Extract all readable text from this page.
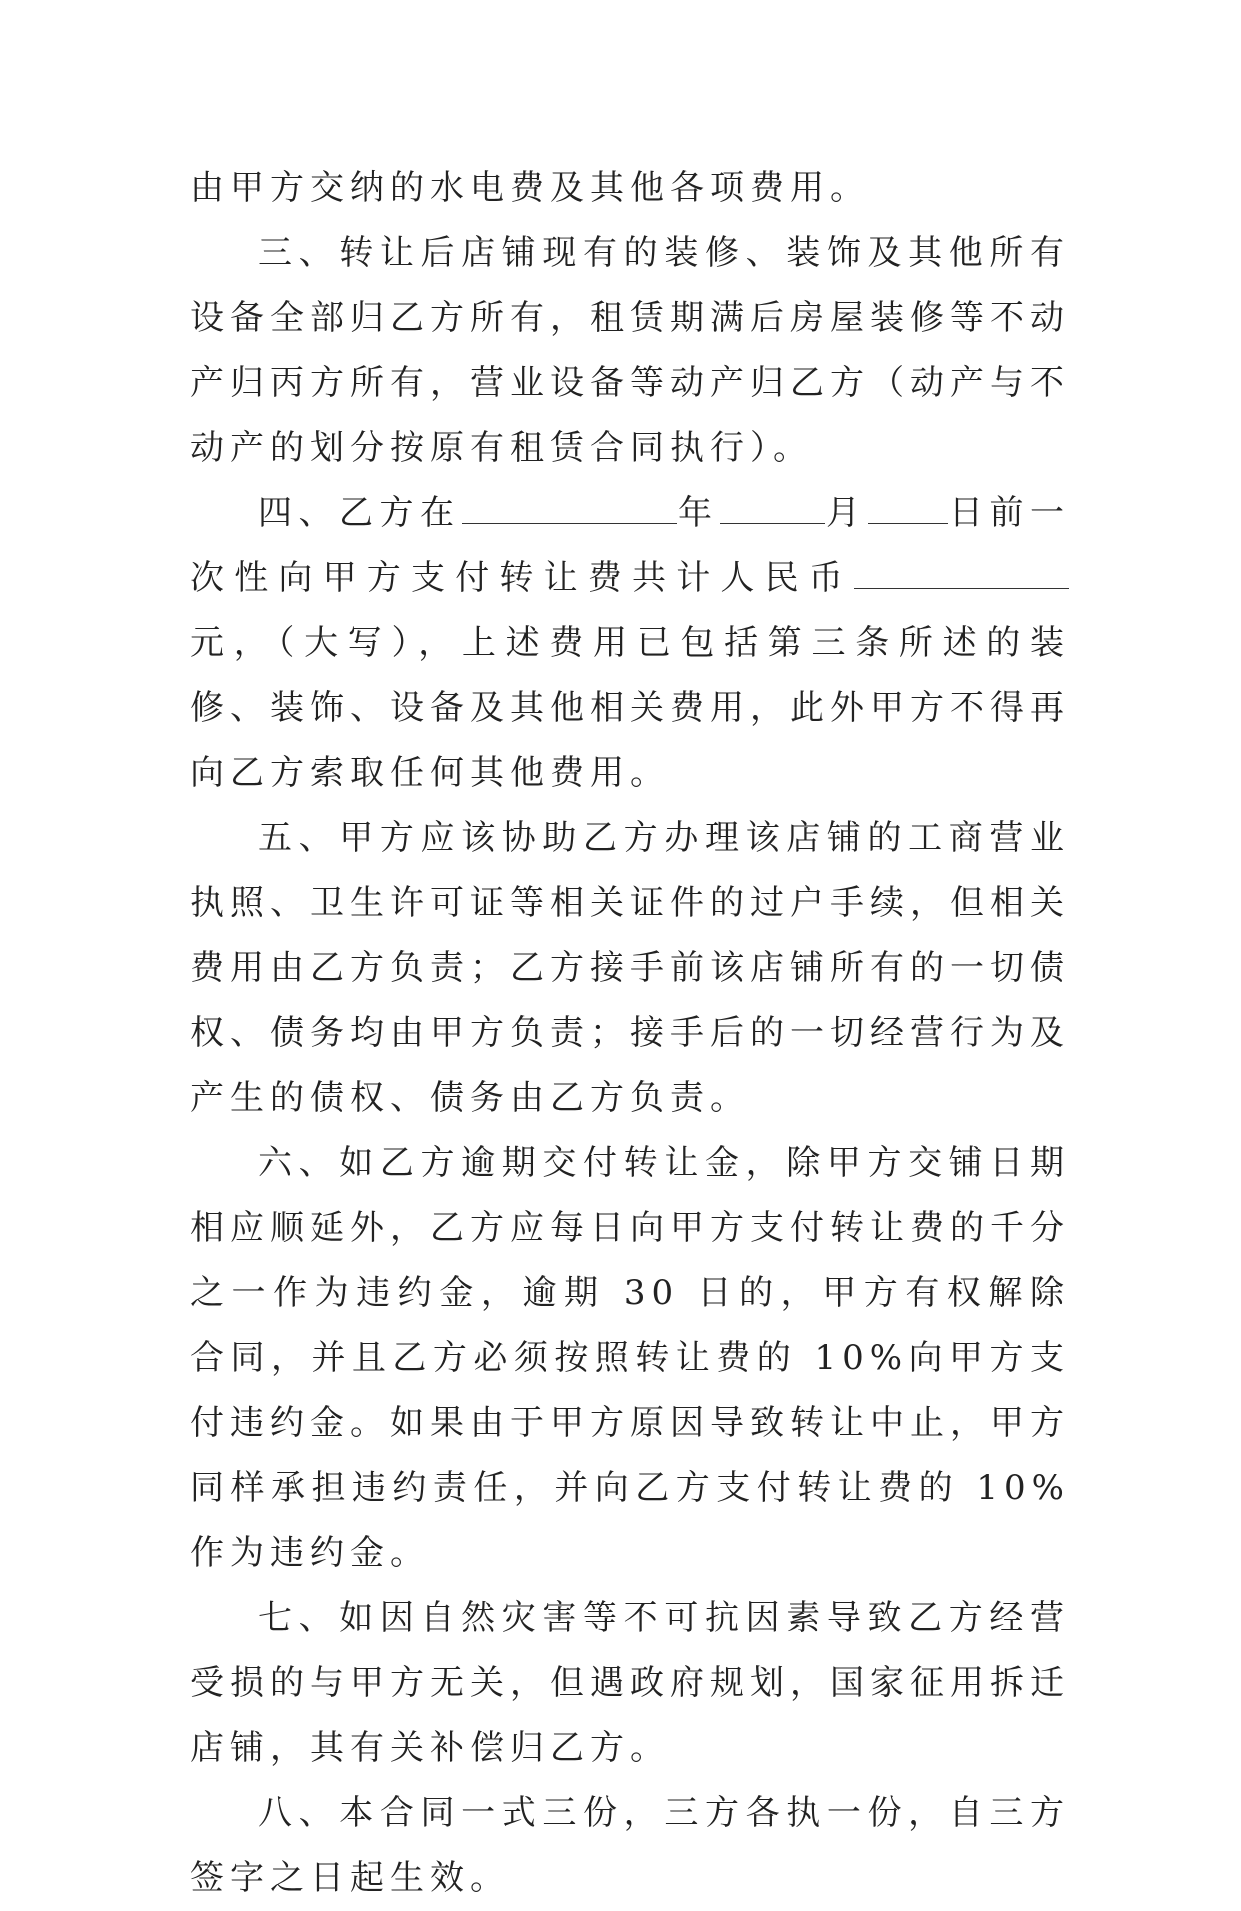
由甲方交纳的水电费及其他各项费用。

三、转让后店铺现有的装修、装饰及其他所有设备全部归乙方所有，租赁期满后房屋装修等不动产归丙方所有，营业设备等动产归乙方（动产与不动产的划分按原有租赁合同执行）。

四、乙方在	年	月 日前一次性向甲方支付转让费共计人民币元，（大写），上述费用已包括第三条所述的装修、装饰、设备及其他相关费用，此外甲方不得再向乙方索取任何其他费用。

五、甲方应该协助乙方办理该店铺的工商营业执照、卫生许可证等相关证件的过户手续，但相关费用由乙方负责；乙方接手前该店铺所有的一切债权、债务均由甲方负责；接手后的一切经营行为及产生的债权、债务由乙方负责。

六、如乙方逾期交付转让金，除甲方交铺日期相应顺延外，乙方应每日向甲方支付转让费的千分之一作为违约金，逾期 30 日的，甲方有权解除合同，并且乙方必须按照转让费的 10%向甲方支付违约金。如果由于甲方原因导致转让中止，甲方同样承担违约责任，并向乙方支付转让费的 10%作为违约金。

七、如因自然灾害等不可抗因素导致乙方经营受损的与甲方无关，但遇政府规划，国家征用拆迁店铺，其有关补偿归乙方。

八、本合同一式三份，三方各执一份，自三方签字之日起生效。
